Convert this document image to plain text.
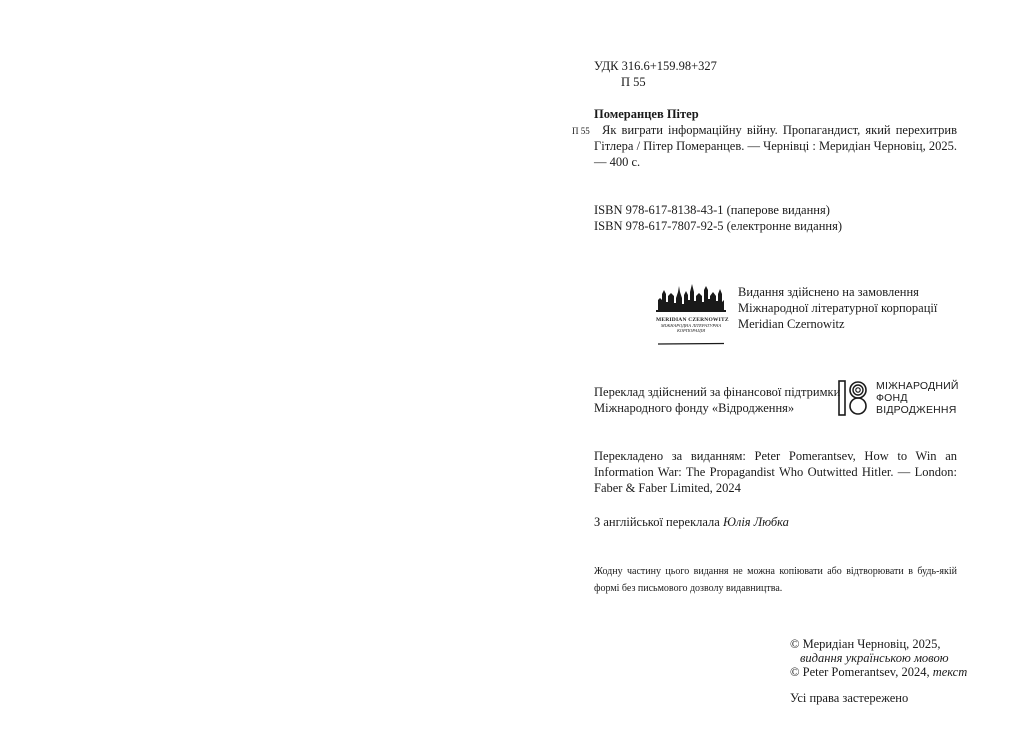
УДК 316.6+159.98+327
П 55
Померанцев Пітер
П 55 Як виграти інформаційну війну. Пропагандист, який перехитрив Гітлера / Пітер Померанцев. — Чернівці : Меридіан Черновіц, 2025. — 400 с.
ISBN 978-617-8138-43-1 (паперове видання)
ISBN 978-617-7807-92-5 (електронне видання)
MERIDIAN CZERNOWITZ
МІЖНАРОДНА ЛІТЕРАТУРНА
КОРПОРАЦІЯ
Видання здійснено на замовлення
Міжнародної літературної корпорації
Meridian Czernowitz
Переклад здійснений за фінансової підтримки
Міжнародного фонду «Відродження»
МІЖНАРОДНИЙ
ФОНД
ВІДРОДЖЕННЯ
Перекладено за виданням: Peter Pomerantsev, How to Win an Information War: The Propagandist Who Outwitted Hitler. — London: Faber & Faber Limited, 2024
З англійської переклала Юлія Любка
Жодну частину цього видання не можна копіювати або відтворювати в будь-якій формі без письмового дозволу видавництва.
© Меридіан Черновіц, 2025,
видання українською мовою
© Peter Pomerantsev, 2024, текст
Усі права застережено
